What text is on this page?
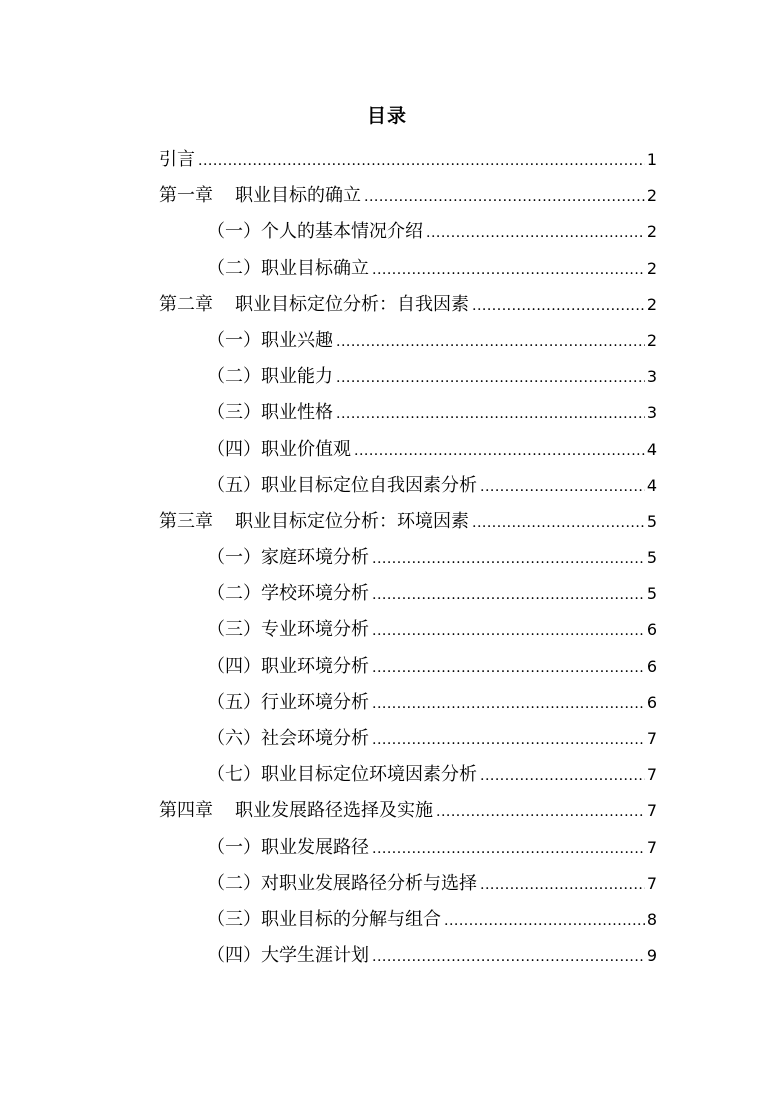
目录
引言 .....	1
第一章 职业目标的确立 .....	2
（一）个人的基本情况介绍 .....	2
（二）职业目标确立 .....	2
第二章 职业目标定位分析：自我因素 .....	2
（一）职业兴趣 .....	2
（二）职业能力 .....	3
（三）职业性格 .....	3
（四）职业价值观 .....	4
（五）职业目标定位自我因素分析 .....	4
第三章 职业目标定位分析：环境因素 .....	5
（一）家庭环境分析 .....	5
（二）学校环境分析 .....	5
（三）专业环境分析 .....	6
（四）职业环境分析 .....	6
（五）行业环境分析 .....	6
（六）社会环境分析 .....	7
（七）职业目标定位环境因素分析 .....	7
第四章 职业发展路径选择及实施 .....	7
（一）职业发展路径 .....	7
（二）对职业发展路径分析与选择 .....	7
（三）职业目标的分解与组合 .....	8
（四）大学生涯计划 .....	9
